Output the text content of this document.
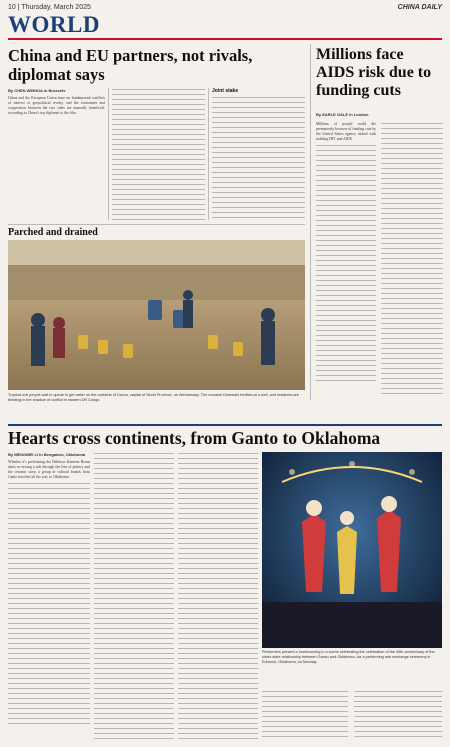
10 | Thursday, March 2025	CHINA DAILY
WORLD
China and EU partners, not rivals, diplomat says
By CHEN WEIHUA in Brussels
China and the European Union have no fundamental conflicts of interest or geopolitical rivalry, and the economies and cooperation between the two sides are mutually beneficial, according to China's top diplomat to the bloc.
Joint stake
Parched and drained
Tropical soil people wait in queue to get water on the outskirts of Dacca, capital of Sindh Province, on Wednesday. The moraine Dharwahi fortifies at a well, and residents are thirsting in the shadow of conflict in eastern DR Congo.
Millions face AIDS risk due to funding cuts
By EARLE GALE in London
Millions of people could die prematurely because of funding cuts by the United States agency tasked with tackling HIV and AIDS.
Hearts cross continents, from Ganto to Oklahoma
By MENGMEI LI in Bengaluru, Oklahoma
Whether it's performing the Hibiscus Kanteen Boom shots or sewing a tale through the lens of pottery and the ceramic story, a group of cultural brands from Ganto traveled all the way to Oklahoma.
Performers present a homecoming in a scene celebrating the celebration of the 40th anniversary of the sister-state relationship between Gansu and Oklahoma, via a performing arts exchange ceremony in Edmond, Oklahoma, on Monday.
